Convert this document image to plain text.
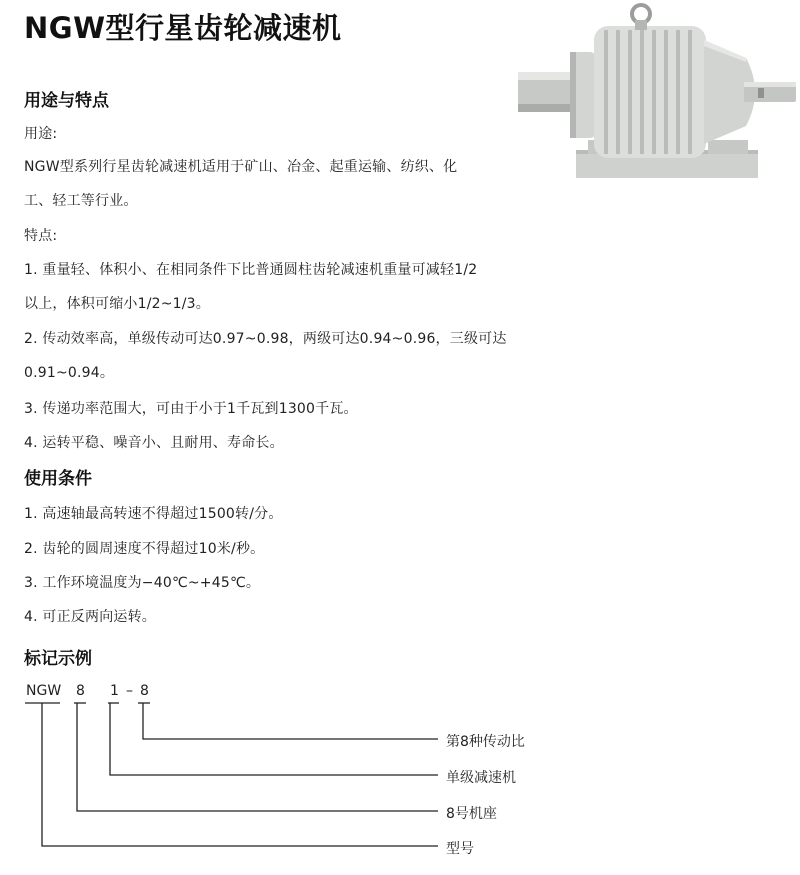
NGW型行星齿轮减速机
用途与特点

用途:

NGW型系列行星齿轮减速机适用于矿山、冶金、起重运输、纺织、化

工、轻工等行业。

特点:

1. 重量轻、体积小、在相同条件下比普通圆柱齿轮减速机重量可减轻1/2

以上，体积可缩小1/2~1/3。

2. 传动效率高，单级传动可达0.97~0.98，两级可达0.94~0.96，三级可达

0.91~0.94。

3. 传递功率范围大，可由于小于1千瓦到1300千瓦。

4. 运转平稳、噪音小、且耐用、寿命长。

使用条件

1. 高速轴最高转速不得超过1500转/分。

2. 齿轮的圆周速度不得超过10米/秒。

3. 工作环境温度为−40℃~+45℃。

4. 可正反两向运转。

标记示例
NGW 8 1 – 8
第8种传动比
单级减速机
8号机座
型号
